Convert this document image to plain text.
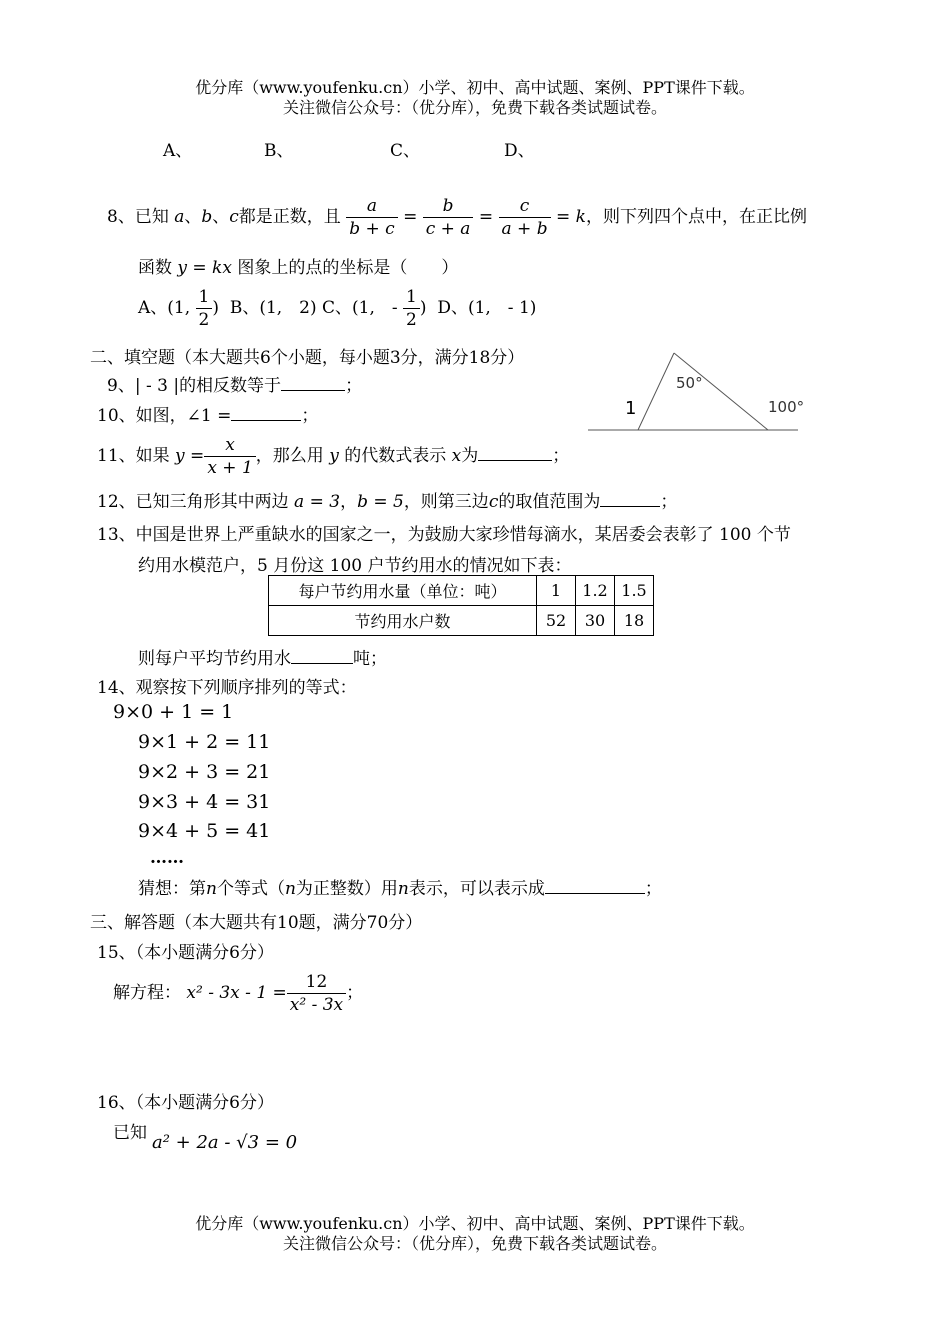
优分库（www.youfenku.cn）小学、初中、高中试题、案例、PPT课件下载。
关注微信公众号：（优分库），免费下载各类试题试卷。
A、	B、	C、	D、
8、已知 a、b、c都是正数，且 $\frac{a}{b + c} = \frac{b}{c + a} = \frac{c}{a + b} = k$，则下列四个点中，在正比例
函数 y = kx 图象上的点的坐标是（　　）
A、(1, $\frac{1}{2}$ ) B、(1,　2) C、(1,　- $\frac{1}{2}$ ) D、(1,　- 1)
二、填空题（本大题共6个小题，每小题3分，满分18分）
1
50°
100°
9、| - 3 |的相反数等于	；
10、如图，∠1 =	；
11、如果 $y = \frac{x}{x + 1}$ ，那么用 y 的代数式表示 x为	；
12、已知三角形其中两边 a = 3，b = 5，则第三边c的取值范围为	；
13、中国是世界上严重缺水的国家之一，为鼓励大家珍惜每滴水，某居委会表彰了 100 个节
约用水模范户，5 月份这 100 户节约用水的情况如下表：
每户节约用水量（单位：吨）	1	1.2	1.5
节约用水户数	52	30	18
则每户平均节约用水	吨；
14、观察按下列顺序排列的等式：
9×0 + 1 = 1
9×1 + 2 = 11
9×2 + 3 = 21
9×3 + 4 = 31
9×4 + 5 = 41
……
猜想：第n个等式（n为正整数）用n表示，可以表示成	；
三、解答题（本大题共有10题，满分70分）
15、（本小题满分6分）
解方程： $x^2 - 3x - 1 = \frac{12}{\text{x² - 3x}}$ ；
16、（本小题满分6分）
已知 a² + 2a - √3 = 0
优分库（www.youfenku.cn）小学、初中、高中试题、案例、PPT课件下载。
关注微信公众号：（优分库），免费下载各类试题试卷。
